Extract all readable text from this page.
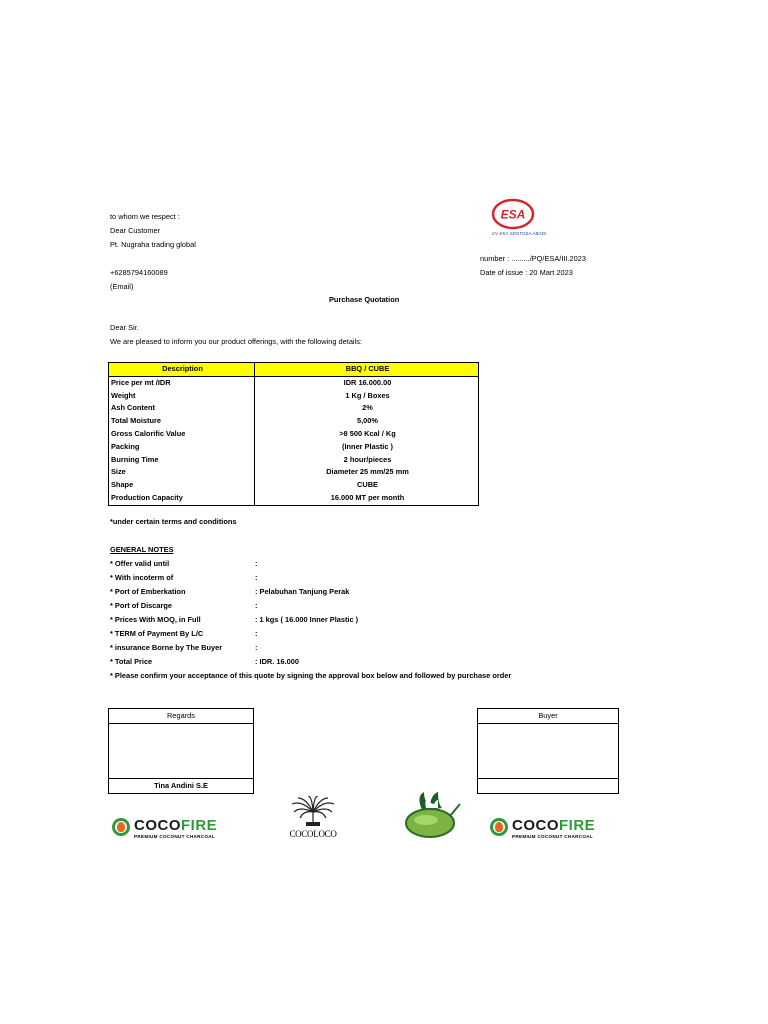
to whom we respect :
Dear Customer
Pt. Nugraha trading global
+6285794160089
(Email)
ESA
CV EKA SENTOSA ABADI
number : ........./PQ/ESA/III.2023
Date of issue : 20 Mart 2023
Purchase Quotation
Dear Sir.
We are pleased to inform you our product offerings, with the following details:
Description	BBQ / CUBE
Price per mt /IDR	IDR 16.000.00
Weight	1 Kg / Boxes
Ash Content	2%
Total Moisture	5,00%
Gross Calorific Value	>8 500 Kcal / Kg
Packing	(Inner Plastic )
Burning Time	2 hour/pieces
Size	Diameter 25 mm/25 mm
Shape	CUBE
Production Capacity	16.000 MT per month
*under certain terms and conditions
GENERAL NOTES
* Offer valid until	:
* With incoterm of	:
* Port of Emberkation	: Pelabuhan Tanjung Perak
* Port of Discarge	:
* Prices With MOQ, in Full	: 1 kgs ( 16.000 Inner Plastic )
* TERM of Payment By L/C	:
* insurance Borne by The Buyer	:
* Total Price	: IDR. 16.000
* Please confirm your acceptance of this quote by signing the approval box below and followed by purchase order
Regards
Tina Andini S.E
Buyer
COCOFIRE
PREMIUM COCONUT CHARCOAL	COCOLOCO	COCOFIRE
PREMIUM COCONUT CHARCOAL
